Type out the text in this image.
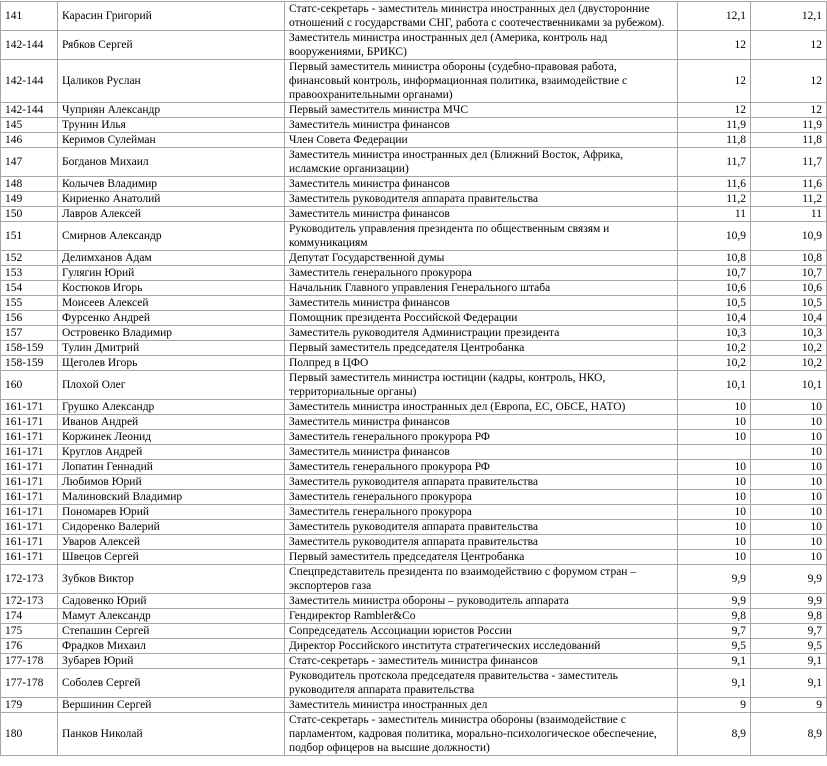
141	Карасин Григорий	Статс-секретарь - заместитель министра иностранных дел (двусторонние отношений с государствами СНГ, работа с соотечественниками за рубежом).	12,1	12,1
142-144	Рябков Сергей	Заместитель министра иностранных дел (Америка, контроль над вооружениями, БРИКС)	12	12
142-144	Цаликов Руслан	Первый заместитель министра обороны (судебно-правовая работа, финансовый контроль, информационная политика, взаимодействие с правоохранительными органами)	12	12
142-144	Чуприян Александр	Первый заместитель министра МЧС	12	12
145	Трунин Илья	Заместитель министра финансов	11,9	11,9
146	Керимов Сулейман	Член Совета Федерации	11,8	11,8
147	Богданов Михаил	Заместитель министра иностранных дел (Ближний Восток, Африка, исламские организации)	11,7	11,7
148	Колычев Владимир	Заместитель министра финансов	11,6	11,6
149	Кириенко Анатолий	Заместитель руководителя аппарата правительства	11,2	11,2
150	Лавров Алексей	Заместитель министра финансов	11	11
151	Смирнов Александр	Руководитель управления президента по общественным связям и коммуникациям	10,9	10,9
152	Делимханов Адам	Депутат Государственной думы	10,8	10,8
153	Гулягин Юрий	Заместитель генерального прокурора	10,7	10,7
154	Костюков Игорь	Начальник Главного управления Генерального штаба	10,6	10,6
155	Моисеев Алексей	Заместитель министра финансов	10,5	10,5
156	Фурсенко Андрей	Помощник президента Российской Федерации	10,4	10,4
157	Островенко Владимир	Заместитель руководителя Администрации президента	10,3	10,3
158-159	Тулин Дмитрий	Первый заместитель председателя Центробанка	10,2	10,2
158-159	Щеголев Игорь	Полпред в ЦФО	10,2	10,2
160	Плохой Олег	Первый заместитель министра юстиции (кадры, контроль, НКО, территориальные органы)	10,1	10,1
161-171	Грушко Александр	Заместитель министра иностранных дел (Европа, ЕС, ОБСЕ, НАТО)	10	10
161-171	Иванов Андрей	Заместитель министра финансов	10	10
161-171	Коржинек Леонид	Заместитель генерального прокурора РФ	10	10
161-171	Круглов Андрей	Заместитель министра финансов		10
161-171	Лопатин Геннадий	Заместитель генерального прокурора РФ	10	10
161-171	Любимов Юрий	Заместитель руководителя аппарата правительства	10	10
161-171	Малиновский Владимир	Заместитель генерального прокурора	10	10
161-171	Пономарев Юрий	Заместитель генерального прокурора	10	10
161-171	Сидоренко Валерий	Заместитель руководителя аппарата правительства	10	10
161-171	Уваров Алексей	Заместитель руководителя аппарата правительства	10	10
161-171	Швецов Сергей	Первый заместитель председателя Центробанка	10	10
172-173	Зубков Виктор	Спецпредставитель президента по взаимодействию с форумом стран – экспортеров газа	9,9	9,9
172-173	Садовенко Юрий	Заместитель министра обороны – руководитель аппарата	9,9	9,9
174	Мамут Александр	Гендиректор Rambler&Co	9,8	9,8
175	Степашин Сергей	Сопредседатель Ассоциации юристов России	9,7	9,7
176	Фрадков Михаил	Директор Российского института стратегических исследований	9,5	9,5
177-178	Зубарев Юрий	Статс-секретарь - заместитель министра финансов	9,1	9,1
177-178	Соболев Сергей	Руководитель протскола председателя правительства - заместитель руководителя аппарата правительства	9,1	9,1
179	Вершинин Сергей	Заместитель министра иностранных дел	9	9
180	Панков Николай	Статс-секретарь - заместитель министра обороны (взаимодействие с парламентом, кадровая политика, морально-психологическое обеспечение, подбор офицеров на высшие должности)	8,9	8,9
